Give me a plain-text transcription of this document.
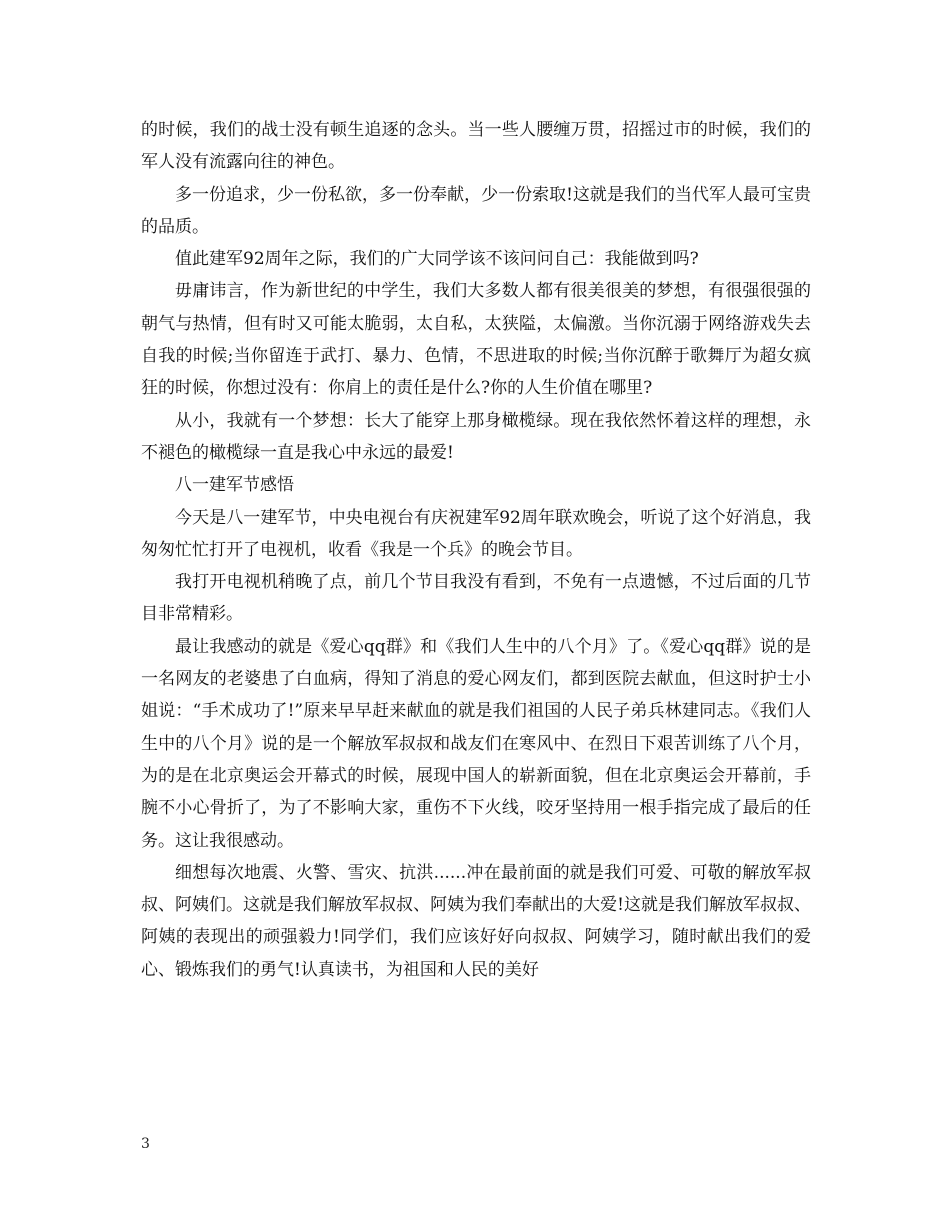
的时候，我们的战士没有顿生追逐的念头。当一些人腰缠万贯，招摇过市的时候，我们的军人没有流露向往的神色。

多一份追求，少一份私欲，多一份奉献，少一份索取!这就是我们的当代军人最可宝贵的品质。

值此建军92周年之际，我们的广大同学该不该问问自己：我能做到吗?

毋庸讳言，作为新世纪的中学生，我们大多数人都有很美很美的梦想，有很强很强的朝气与热情，但有时又可能太脆弱，太自私，太狭隘，太偏激。当你沉溺于网络游戏失去自我的时候;当你留连于武打、暴力、色情，不思进取的时候;当你沉醉于歌舞厅为超女疯狂的时候，你想过没有：你肩上的责任是什么?你的人生价值在哪里?

从小，我就有一个梦想：长大了能穿上那身橄榄绿。现在我依然怀着这样的理想，永不褪色的橄榄绿一直是我心中永远的最爱!

八一建军节感悟

今天是八一建军节，中央电视台有庆祝建军92周年联欢晚会，听说了这个好消息，我匆匆忙忙打开了电视机，收看《我是一个兵》的晚会节目。

我打开电视机稍晚了点，前几个节目我没有看到，不免有一点遗憾，不过后面的几节目非常精彩。

最让我感动的就是《爱心qq群》和《我们人生中的八个月》了。《爱心qq群》说的是一名网友的老婆患了白血病，得知了消息的爱心网友们，都到医院去献血，但这时护士小姐说：“手术成功了!”原来早早赶来献血的就是我们祖国的人民子弟兵林建同志。《我们人生中的八个月》说的是一个解放军叔叔和战友们在寒风中、在烈日下艰苦训练了八个月，为的是在北京奥运会开幕式的时候，展现中国人的崭新面貌，但在北京奥运会开幕前，手腕不小心骨折了，为了不影响大家，重伤不下火线，咬牙坚持用一根手指完成了最后的任务。这让我很感动。

细想每次地震、火警、雪灾、抗洪......冲在最前面的就是我们可爱、可敬的解放军叔叔、阿姨们。这就是我们解放军叔叔、阿姨为我们奉献出的大爱!这就是我们解放军叔叔、阿姨的表现出的顽强毅力!同学们，我们应该好好向叔叔、阿姨学习，随时献出我们的爱心、锻炼我们的勇气!认真读书，为祖国和人民的美好

3
